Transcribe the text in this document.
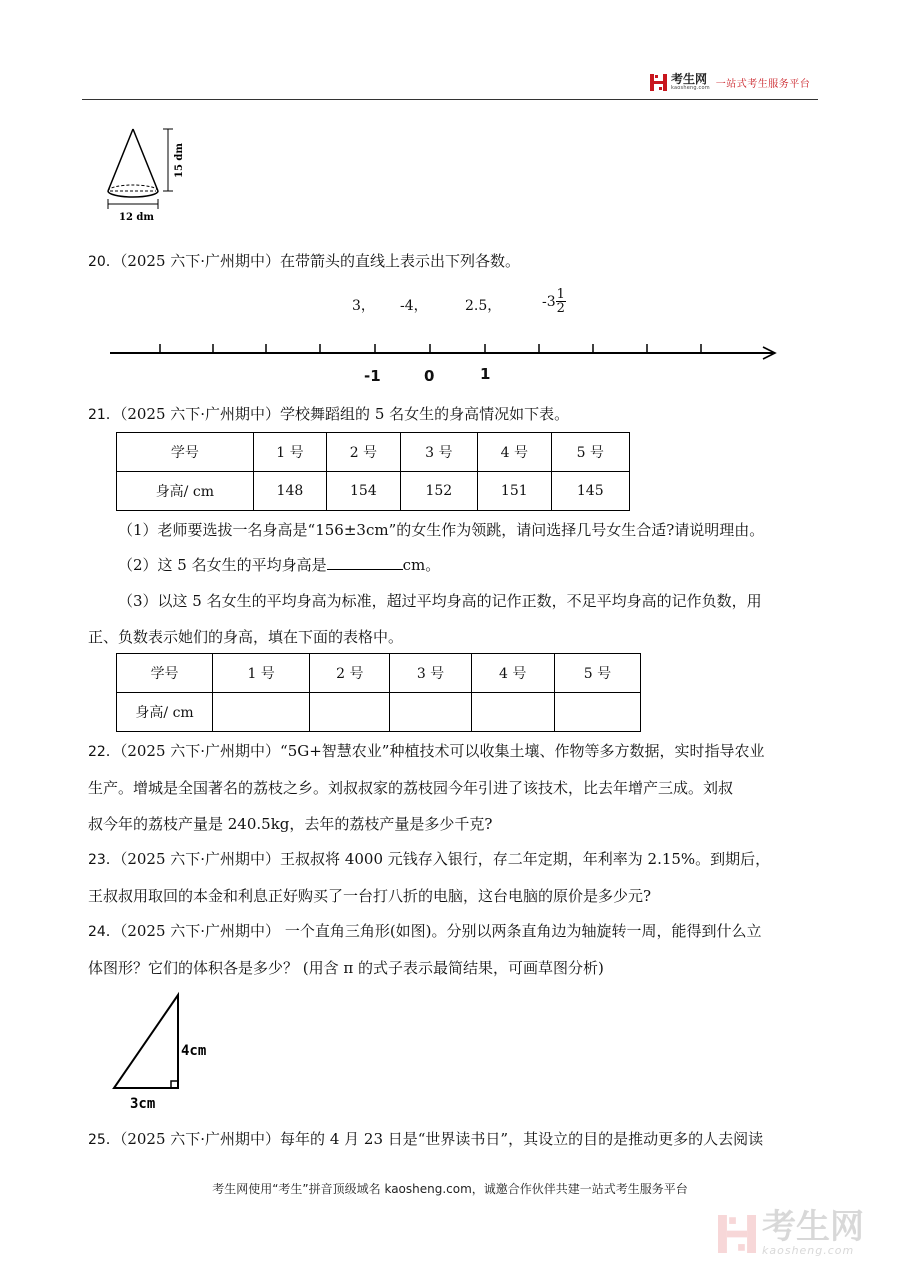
考生网
kaosheng.com 一站式考生服务平台
12 dm
15 dm
20．（2025 六下·广州期中）在带箭头的直线上表示出下列各数。
3， -4，	2.5，	$-3 \frac{1}{2}$
-1	0	1
21．（2025 六下·广州期中）学校舞蹈组的 5 名女生的身高情况如下表。
学号	1 号	2 号	3 号	4 号	5 号
身高/ cm	148	154	152	151	145
（1）老师要选拔一名身高是“156±3cm”的女生作为领跳，请问选择几号女生合适?请说明理由。
（2）这 5 名女生的平均身高是	cm。
（3）以这 5 名女生的平均身高为标准，超过平均身高的记作正数，不足平均身高的记作负数，用
正、负数表示她们的身高，填在下面的表格中。
学号	1 号	2 号	3 号	4 号	5 号
身高/ cm					
22．（2025 六下·广州期中）“5G+智慧农业”种植技术可以收集土壤、作物等多方数据，实时指导农业
生产。增城是全国著名的荔枝之乡。刘叔叔家的荔枝园今年引进了该技术，比去年增产三成。刘叔
叔今年的荔枝产量是 240.5kg，去年的荔枝产量是多少千克?
23．（2025 六下·广州期中）王叔叔将 4000 元钱存入银行，存二年定期，年利率为 2.15%。到期后，
王叔叔用取回的本金和利息正好购买了一台打八折的电脑，这台电脑的原价是多少元?
24．（2025 六下·广州期中） 一个直角三角形(如图)。分别以两条直角边为轴旋转一周，能得到什么立
体图形？它们的体积各是多少？ (用含 π 的式子表示最简结果，可画草图分析)
4cm
3cm
25．（2025 六下·广州期中）每年的 4 月 23 日是“世界读书日”，其设立的目的是推动更多的人去阅读
考生网使用“考生”拼音顶级域名 kaosheng.com，诚邀合作伙伴共建一站式考生服务平台
考生网
kaosheng.com
